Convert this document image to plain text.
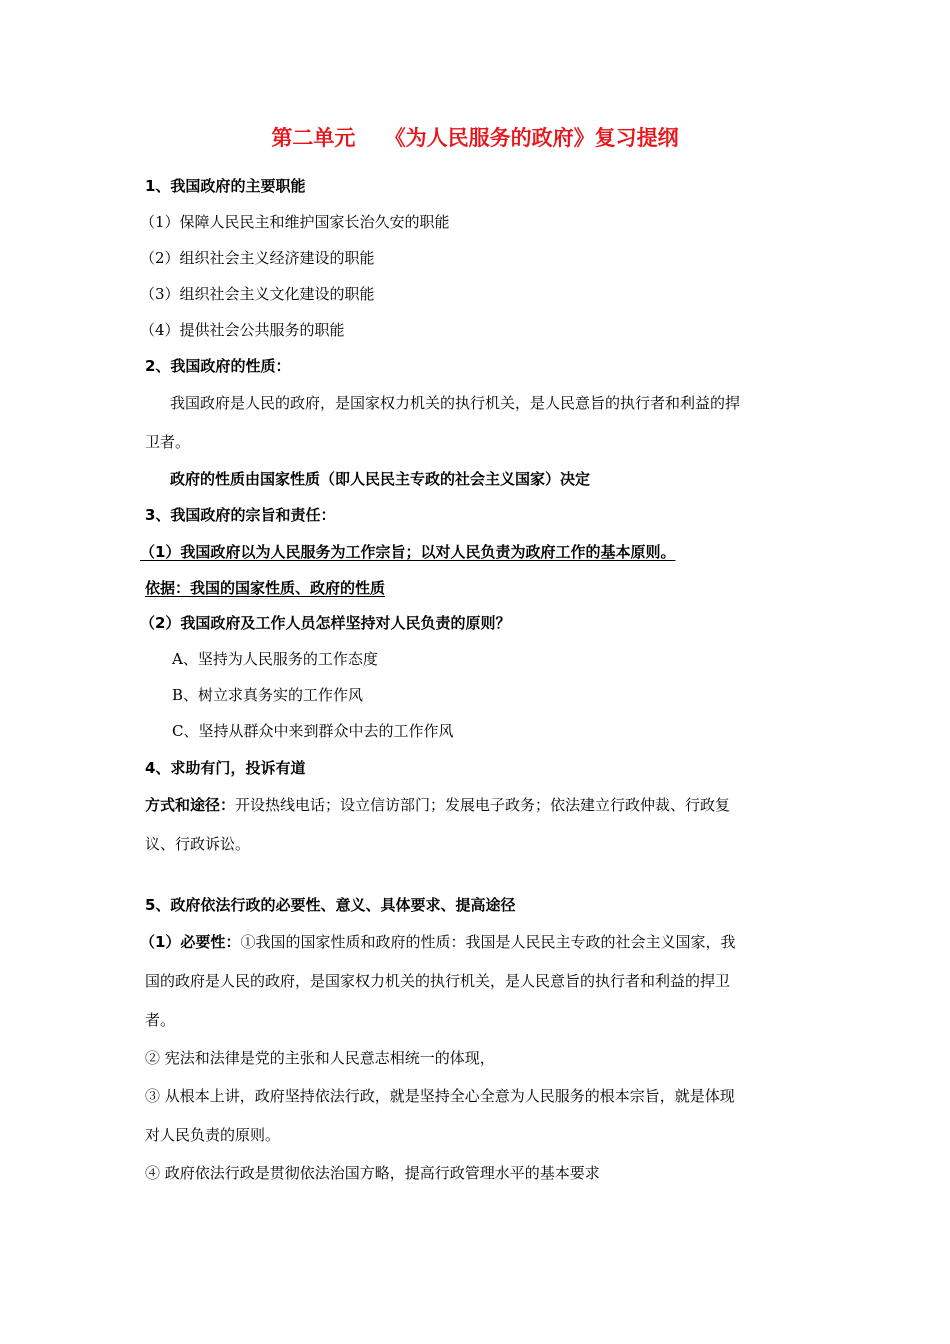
第二单元    《为人民服务的政府》复习提纲
1、我国政府的主要职能
（1）保障人民民主和维护国家长治久安的职能
（2）组织社会主义经济建设的职能
（3）组织社会主义文化建设的职能
（4）提供社会公共服务的职能
2、我国政府的性质：
我国政府是人民的政府，是国家权力机关的执行机关，是人民意旨的执行者和利益的捍
卫者。
政府的性质由国家性质（即人民民主专政的社会主义国家）决定
3、我国政府的宗旨和责任：
（1）我国政府以为人民服务为工作宗旨；以对人民负责为政府工作的基本原则。
依据：我国的国家性质、政府的性质
（2）我国政府及工作人员怎样坚持对人民负责的原则？
A、坚持为人民服务的工作态度
B、树立求真务实的工作作风
C、坚持从群众中来到群众中去的工作作风
4、求助有门，投诉有道
方式和途径：开设热线电话；设立信访部门；发展电子政务；依法建立行政仲裁、行政复
议、行政诉讼。
5、政府依法行政的必要性、意义、具体要求、提高途径
（1）必要性：①我国的国家性质和政府的性质：我国是人民民主专政的社会主义国家，我
国的政府是人民的政府，是国家权力机关的执行机关，是人民意旨的执行者和利益的捍卫
者。
② 宪法和法律是党的主张和人民意志相统一的体现，
③ 从根本上讲，政府坚持依法行政，就是坚持全心全意为人民服务的根本宗旨，就是体现
对人民负责的原则。
④ 政府依法行政是贯彻依法治国方略，提高行政管理水平的基本要求
